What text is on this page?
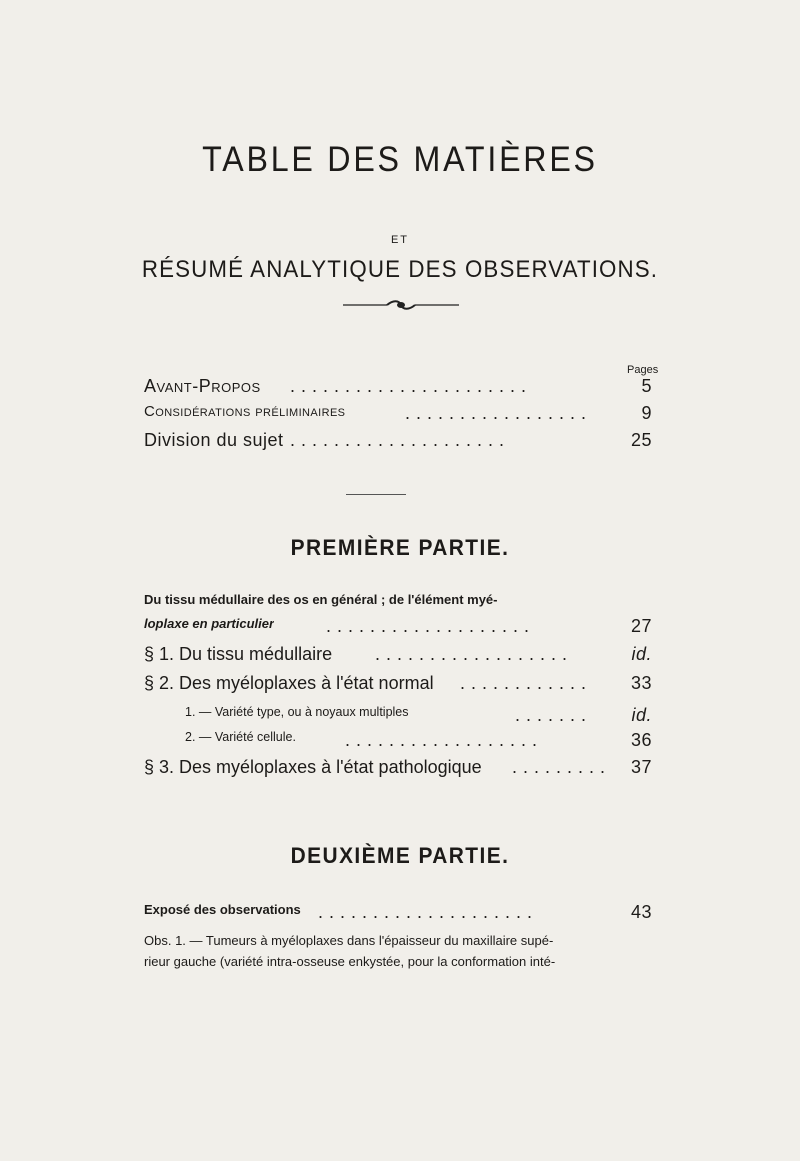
TABLE DES MATIÈRES
ET
RÉSUMÉ ANALYTIQUE DES OBSERVATIONS.
Pages
Avant-Propos . . . . . . . . . . . . . . . . . . . . . .	5
Considérations préliminaires	. . . . . . . . . . . . . . . . .	9
Division du sujet . . . . . . . . . . . . . . . . . . . .	25
PREMIÈRE PARTIE.
Du tissu médullaire des os en général ; de l'élément myé-
loplaxe en particulier	. . . . . . . . . . . . . . . . . . .	27
§ 1. Du tissu médullaire . . . . . . . . . . . . . . . . . .	id.
§ 2. Des myéloplaxes à l'état normal . . . . . . . . . . . .	33
1. — Variété type, ou à noyaux multiples	. . . . . . .	id.
2. — Variété cellule.	. . . . . . . . . . . . . . . . . .	36
§ 3. Des myéloplaxes à l'état pathologique . . . . . . . . .	37
DEUXIÈME PARTIE.
Exposé des observations . . . . . . . . . . . . . . . . . . . .	43
Obs. 1. — Tumeurs à myéloplaxes dans l'épaisseur du maxillaire supé-
rieur gauche (variété intra-osseuse enkystée, pour la conformation inté-
